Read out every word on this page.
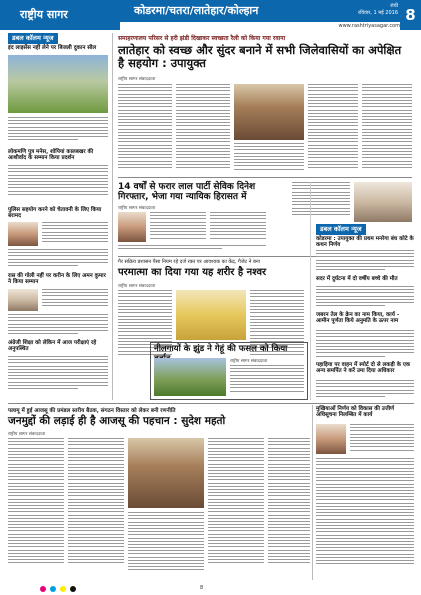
राष्ट्रीय सागर	कोडरमा/चतरा/लातेहार/कोल्हान	रांची
रविवार, 1 मई 2016
www.rashtriyasagar.com
8
डबल कॉलम न्यूज
इंद लाइसेंस नहीं लेने पर बिजली दुकान सील
लोकमणि पुत्र मनेस, शोपियां कालबखर की आशीर्वाद के सम्मान किया प्रदर्शन
पुलिस सहयोग करने को चेतावनी के लिए किया बरामद
रास की गोली नहीं पर करीन के लिए अमन कुमार ने किया सम्मान
अंग्रेजी शिक्षा को लेकिन में आज परीक्षाएं रहे अनुपस्थित
समाहरणालय परिसर से हरी झंडी दिखाकर स्वच्छता रैली को किया गया रवाना
लातेहार को स्वच्छ और सुंदर बनाने में सभी जिलेवासियों का अपेक्षित है सहयोग : उपायुक्त
राष्ट्रीय सागर संवाददाता
14 वर्षों से फरार लाल पार्टी सेविक दिनेश गिरफ्तार, भेजा गया न्यायिक हिरासत में
राष्ट्रीय सागर संवाददाता
गैर सक्रिय प्रशासन पैसा नियम रहे दर्ज रक्त पर आवश्यक का केंद्र, गैजेट ने बना
परमात्मा का दिया गया यह शरीर है नश्वर
राष्ट्रीय सागर संवाददाता
नीलगायों के झुंड ने गेहूं की फसल को किया
राष्ट्रीय सागर संवाददाता
डबल कॉलम न्यूज
कोडरमा : उपायुक्त की प्रथम मनरेगा बंध कोटे के कथन निर्णय
सदर में दुर्घटना में दो वर्षीय बच्चे की मौत
जबरन तेल के क्रेन का नाम किया, कार्य - आमीन पूर्णता किये अनुमति के ऊपर नाम
पहाड़िया पर वाहन में स्पोर्ट दो से लकड़ी के एक अन्य समर्पित ने करें उमा दिया अधिकार
पलामू में हुई आजसू की प्रमंडल स्तरीय बैठक, संगठन विस्तार को लेकर बनी रणनीति
जनमुद्दों की लड़ाई ही है आजसू की पहचान : सुदेश महतो
राष्ट्रीय सागर संवाददाता
मुखियाओं निर्णय को विकास की उत्तीर्ण अधिसूचना निलम्बित में कार्य
8
